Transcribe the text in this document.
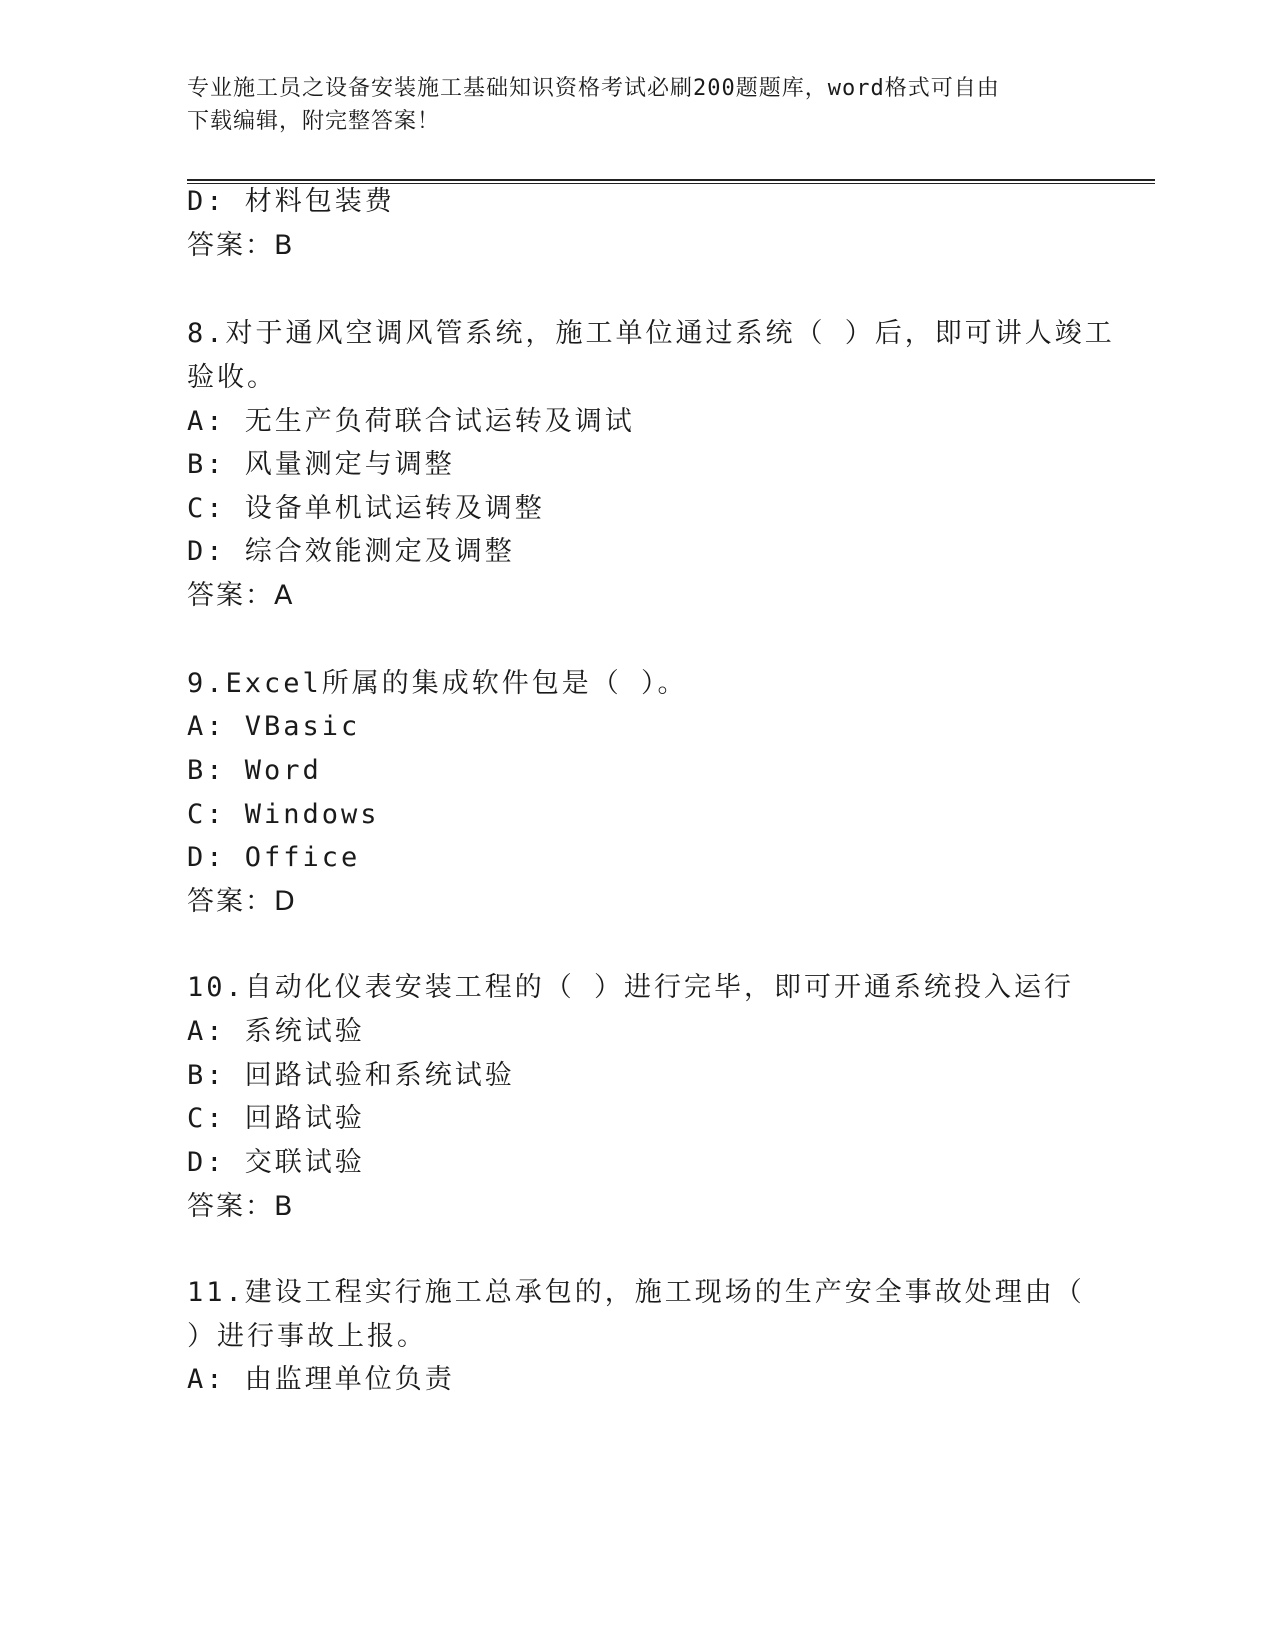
专业施工员之设备安装施工基础知识资格考试必刷200题题库，word格式可自由
下载编辑，附完整答案！
D: 材料包装费
答案：B
8.对于通风空调风管系统，施工单位通过系统（ ）后，即可讲人竣工
验收。
A: 无生产负荷联合试运转及调试
B: 风量测定与调整
C: 设备单机试运转及调整
D: 综合效能测定及调整
答案：A
9.Excel所属的集成软件包是（ ）。
A: VBasic
B: Word
C: Windows
D: Office
答案：D
10.自动化仪表安装工程的（ ）进行完毕，即可开通系统投入运行
A: 系统试验
B: 回路试验和系统试验
C: 回路试验
D: 交联试验
答案：B
11.建设工程实行施工总承包的，施工现场的生产安全事故处理由（
）进行事故上报。
A: 由监理单位负责
